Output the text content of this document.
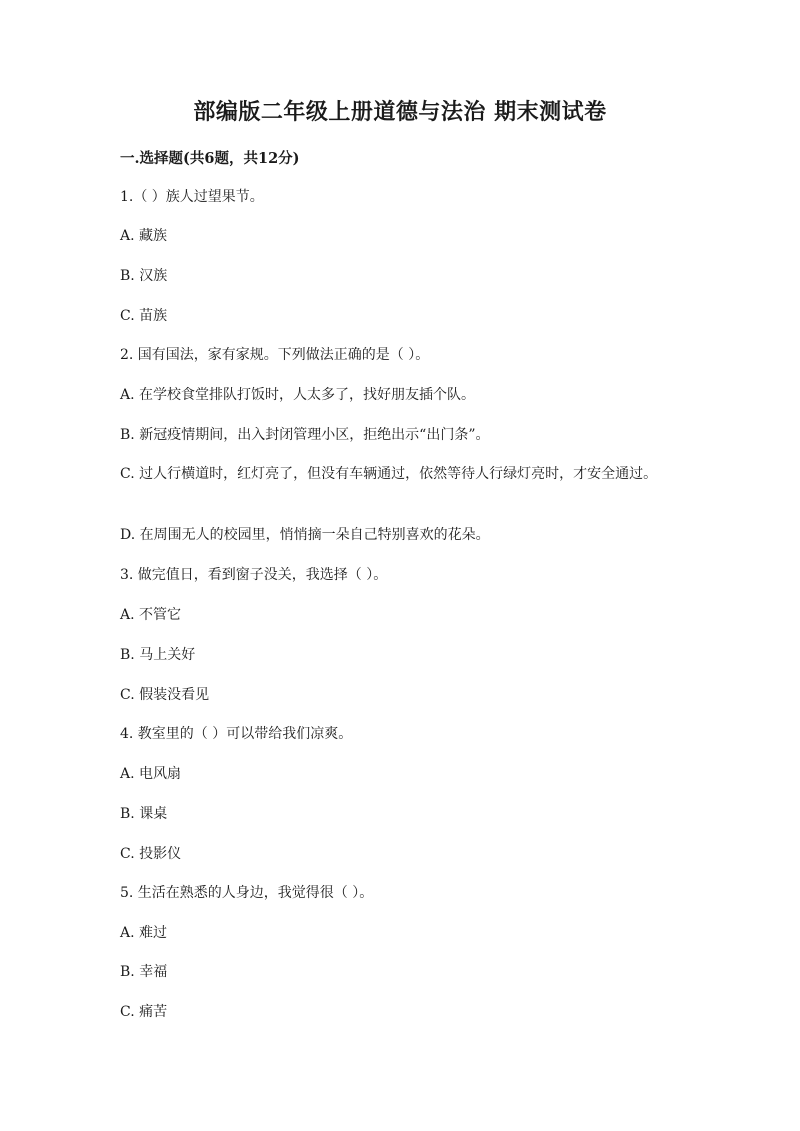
部编版二年级上册道德与法治 期末测试卷
一.选择题(共6题，共12分)
1.（ ）族人过望果节。
A. 藏族
B. 汉族
C. 苗族
2. 国有国法，家有家规。下列做法正确的是（ ）。
A. 在学校食堂排队打饭时，人太多了，找好朋友插个队。
B. 新冠疫情期间，出入封闭管理小区，拒绝出示“出门条”。
C. 过人行横道时，红灯亮了，但没有车辆通过，依然等待人行绿灯亮时，才安全通过。
D. 在周围无人的校园里，悄悄摘一朵自己特别喜欢的花朵。
3. 做完值日，看到窗子没关，我选择（ ）。
A. 不管它
B. 马上关好
C. 假装没看见
4. 教室里的（ ）可以带给我们凉爽。
A. 电风扇
B. 课桌
C. 投影仪
5. 生活在熟悉的人身边，我觉得很（ ）。
A. 难过
B. 幸福
C. 痛苦
